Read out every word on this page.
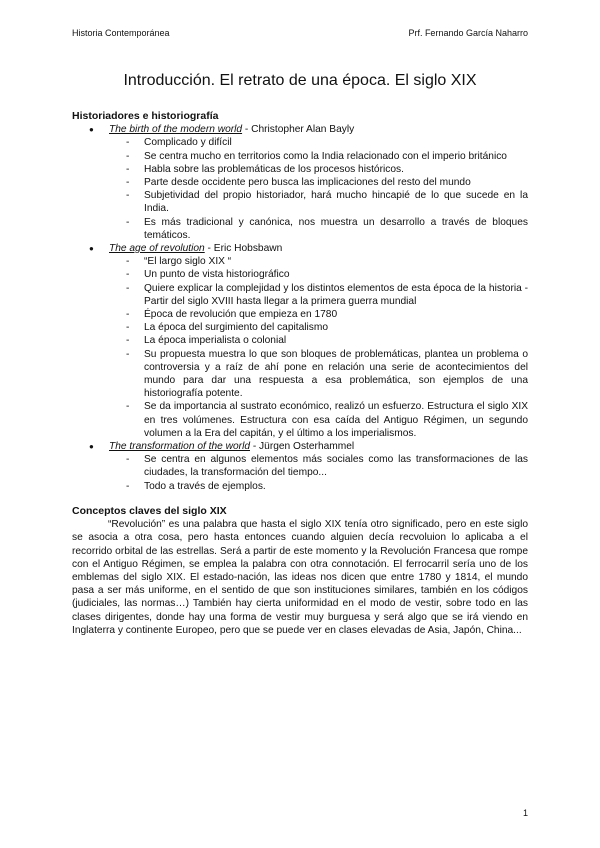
Historia Contemporánea	Prf. Fernando García Naharro
Introducción. El retrato de una época. El siglo XIX
Historiadores e historiografía
● The birth of the modern world - Christopher Alan Bayly
- Complicado y difícil
- Se centra mucho en territorios como la India relacionado con el imperio británico
- Habla sobre las problemáticas de los procesos históricos.
- Parte desde occidente pero busca las implicaciones del resto del mundo
- Subjetividad del propio historiador, hará mucho hincapié de lo que sucede en la India.
- Es más tradicional y canónica, nos muestra un desarrollo a través de bloques temáticos.
● The age of revolution - Eric Hobsbawn
- “El largo siglo XIX “
- Un punto de vista historiográfico
- Quiere explicar la complejidad y los distintos elementos de esta época de la historia - Partir del siglo XVIII hasta llegar a la primera guerra mundial
- Época de revolución que empieza en 1780
- La época del surgimiento del capitalismo
- La época imperialista o colonial
- Su propuesta muestra lo que son bloques de problemáticas, plantea un problema o controversia y a raíz de ahí pone en relación una serie de acontecimientos del mundo para dar una respuesta a esa problemática, son ejemplos de una historiografía potente.
- Se da importancia al sustrato económico, realizó un esfuerzo. Estructura el siglo XIX en tres volúmenes. Estructura con esa caída del Antiguo Régimen, un segundo volumen a la Era del capitán, y el último a los imperialismos.
● The transformation of the world - Jürgen Osterhammel
- Se centra en algunos elementos más sociales como las transformaciones de las ciudades, la transformación del tiempo...
- Todo a través de ejemplos.
Conceptos claves del siglo XIX
“Revolución” es una palabra que hasta el siglo XIX tenía otro significado, pero en este siglo se asocia a otra cosa, pero hasta entonces cuando alguien decía recvoluion lo aplicaba a el recorrido orbital de las estrellas. Será a partir de este momento y la Revolución Francesa que rompe con el Antiguo Régimen, se emplea la palabra con otra connotación. El ferrocarril sería uno de los emblemas del siglo XIX. El estado-nación, las ideas nos dicen que entre 1780 y 1814, el mundo pasa a ser más uniforme, en el sentido de que son instituciones similares, también en los códigos (judiciales, las normas…) También hay cierta uniformidad en el modo de vestir, sobre todo en las clases dirigentes, donde hay una forma de vestir muy burguesa y será algo que se irá viendo en Inglaterra y continente Europeo, pero que se puede ver en clases elevadas de Asia, Japón, China...
1
